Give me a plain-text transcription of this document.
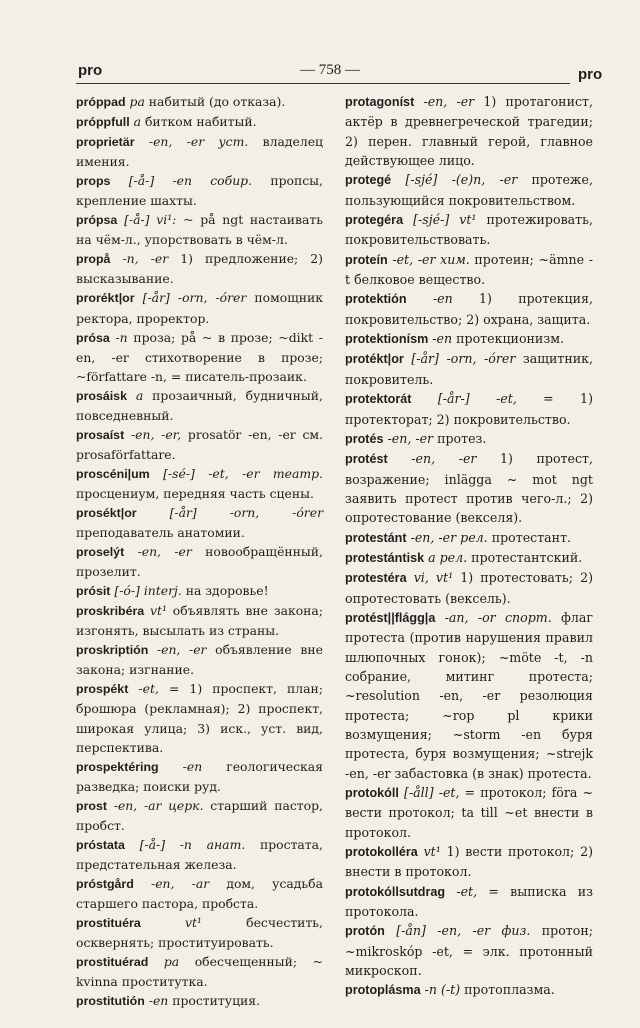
pro	— 758 —	pro
próppad pa набитый (до отказа).
próppfull a битком набитый.
proprietär -en, -er уст. владелец имения.
props [-å-] -en собир. пропсы, крепление шахты.
própsa [-å-] vi¹: ~ på ngt настаивать на чём-л., упорствовать в чём-л.
propå -n, -er 1) предложение; 2) высказывание.
prorékt|or [-år] -orn, -órer помощник ректора, проректор.
prósa -n проза; på ~ в прозе; ~dikt -en, -er стихотворение в прозе; ~författare -n, = писатель-прозаик.
prosáisk a прозаичный, будничный, повседневный.
prosaíst -en, -er, prosatör -en, -er см. prosaförfattare.
proscéni|um [-sé-] -et, -er театр. просцениум, передняя часть сцены.
prosékt|or	[-år] -orn, -órer преподаватель анатомии.
proselýt -en, -er новообращённый, прозелит.
prósit [-ó-] interj. на здоровье!
proskribéra vt¹ объявлять вне закона; изгонять, высылать из страны.
proskriptión -en, -er объявление вне закона; изгнание.
prospékt -et, = 1) проспект, план; брошюра (рекламная); 2) проспект, широкая улица; 3) иск., уст. вид, перспектива.
prospektéring -en геологическая разведка; поиски руд.
prost -en, -ar церк. старший пастор, пробст.
próstata [-å-] -n анат. простата, предстательная железа.
próstgård -en, -ar дом, усадьба старшего пастора, пробста.
prostituéra	vt¹ бесчестить, осквернять; проституировать.
prostituérad pa обесчещенный; ~ kvinna проститутка.
prostitutión -en проституция.
protagoníst -en, -er 1) протагонист, актёр в древнегреческой трагедии; 2) перен. главный герой, главное действующее лицо.
protegé [-sjé] -(e)n, -er протеже, пользующийся покровительством.
protegéra [-sjé-] vt¹ протежировать, покровительствовать.
proteín -et, -er хим. протеин; ~ämne -t белковое вещество.
protektión -en 1) протекция, покровительство; 2) охрана, защита.
protektionísm -en протекционизм.
protékt|or [-år] -orn, -órer защитник, покровитель.
protektorát [-år-] -et, = 1) протекторат; 2) покровительство.
protés -en, -er протез.
protést -en, -er 1) протест, возражение; inlägga ~ mot ngt заявить протест против чего-л.; 2) опротестование (векселя).
protestánt -en, -er рел. протестант.
protestántisk a рел. протестантский.
protestéra vi, vt¹ 1) протестовать; 2) опротестовать (вексель).
protést||flágg|a -an, -or спорт. флаг протеста (против нарушения правил шлюпочных гонок); ~möte -t, -n собрание, митинг протеста; ~resolution -en, -er резолюция протеста; ~rop pl крики возмущения; ~storm -en буря протеста, буря возмущения; ~strejk -en, -er забастовка (в знак) протеста.
protokóll [-åll] -et, = протокол; föra ~ вести протокол; ta till ~et внести в протокол.
protokolléra vt¹ 1) вести протокол; 2) внести в протокол.
protokóllsutdrag -et, = выписка из протокола.
protón [-ån] -en, -er физ. протон; ~mikroskóp -et, = элк. протонный микроскоп.
protoplásma -n (-t) протоплазма.
